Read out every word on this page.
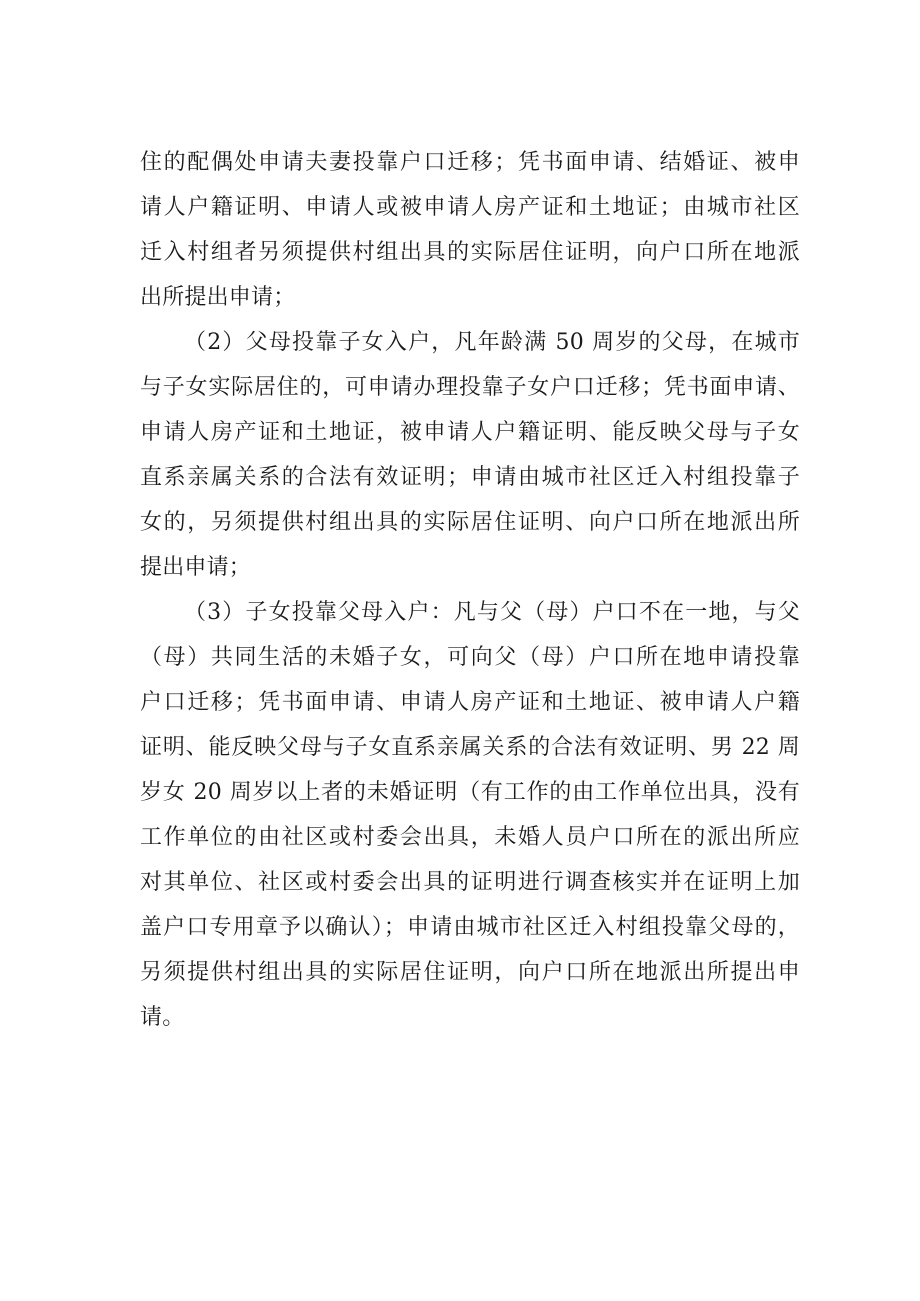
住的配偶处申请夫妻投靠户口迁移；凭书面申请、结婚证、被申
请人户籍证明、申请人或被申请人房产证和土地证；由城市社区
迁入村组者另须提供村组出具的实际居住证明，向户口所在地派
出所提出申请；
（2）父母投靠子女入户，凡年龄满 50 周岁的父母，在城市
与子女实际居住的，可申请办理投靠子女户口迁移；凭书面申请、
申请人房产证和土地证，被申请人户籍证明、能反映父母与子女
直系亲属关系的合法有效证明；申请由城市社区迁入村组投靠子
女的，另须提供村组出具的实际居住证明、向户口所在地派出所
提出申请；
（3）子女投靠父母入户：凡与父（母）户口不在一地，与父
（母）共同生活的未婚子女，可向父（母）户口所在地申请投靠
户口迁移；凭书面申请、申请人房产证和土地证、被申请人户籍
证明、能反映父母与子女直系亲属关系的合法有效证明、男 22 周
岁女 20 周岁以上者的未婚证明（有工作的由工作单位出具，没有
工作单位的由社区或村委会出具，未婚人员户口所在的派出所应
对其单位、社区或村委会出具的证明进行调查核实并在证明上加
盖户口专用章予以确认）；申请由城市社区迁入村组投靠父母的，
另须提供村组出具的实际居住证明，向户口所在地派出所提出申
请。
